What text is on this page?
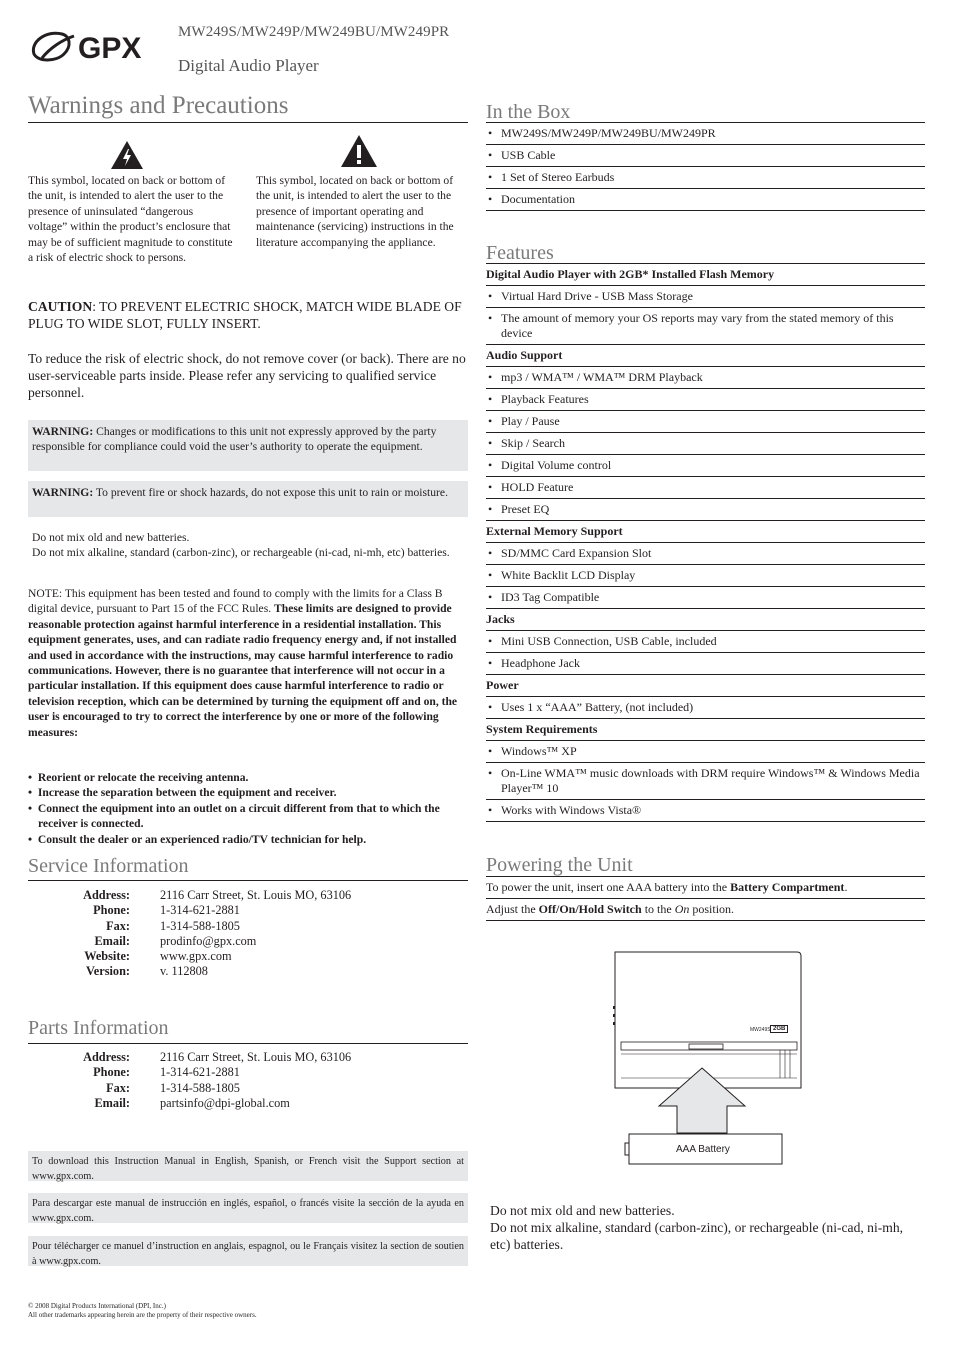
GPX MW249S/MW249P/MW249BU/MW249PR
Digital Audio Player
Warnings and Precautions
This symbol, located on back or bottom of the unit, is intended to alert the user to the presence of uninsulated “dangerous voltage” within the product’s enclosure that may be of sufficient magnitude to constitute a risk of electric shock to persons.
This symbol, located on back or bottom of the unit, is intended to alert the user to the presence of important operating and maintenance (servicing) instructions in the literature accompanying the appliance.
CAUTION: TO PREVENT ELECTRIC SHOCK, MATCH WIDE BLADE OF PLUG TO WIDE SLOT, FULLY INSERT.
To reduce the risk of electric shock, do not remove cover (or back). There are no user-serviceable parts inside. Please refer any servicing to qualified service personnel.
WARNING: Changes or modifications to this unit not expressly approved by the party responsible for compliance could void the user’s authority to operate the equipment.
WARNING: To prevent fire or shock hazards, do not expose this unit to rain or moisture.
Do not mix old and new batteries.
Do not mix alkaline, standard (carbon-zinc), or rechargeable (ni-cad, ni-mh, etc) batteries.
NOTE: This equipment has been tested and found to comply with the limits for a Class B digital device, pursuant to Part 15 of the FCC Rules. These limits are designed to provide reasonable protection against harmful interference in a residential installation. This equipment generates, uses, and can radiate radio frequency energy and, if not installed and used in accordance with the instructions, may cause harmful interference to radio communications. However, there is no guarantee that interference will not occur in a particular installation. If this equipment does cause harmful interference to radio or television reception, which can be determined by turning the equipment off and on, the user is encouraged to try to correct the interference by one or more of the following measures:
•  Reorient or relocate the receiving antenna.
•  Increase the separation between the equipment and receiver.
•  Connect the equipment into an outlet on a circuit different from that to which the receiver is connected.
•  Consult the dealer or an experienced radio/TV technician for help.
Service Information
Address: 2116 Carr Street, St. Louis MO, 63106
Phone: 1-314-621-2881
Fax: 1-314-588-1805
Email: prodinfo@gpx.com
Website: www.gpx.com
Version: v. 112808
Parts Information
Address: 2116 Carr Street, St. Louis MO, 63106
Phone: 1-314-621-2881
Fax: 1-314-588-1805
Email: partsinfo@dpi-global.com
To download this Instruction Manual in English, Spanish, or French visit the Support section at www.gpx.com.
Para descargar este manual de instrucción en inglés, español, o francés visite la sección de la ayuda en www.gpx.com.
Pour télécharger ce manuel d’instruction en anglais, espagnol, ou le Français visitez la section de soutien à www.gpx.com.
© 2008 Digital Products International (DPI, Inc.)
All other trademarks appearing herein are the property of their respective owners.
In the Box
• MW249S/MW249P/MW249BU/MW249PR
• USB Cable
• 1 Set of Stereo Earbuds
• Documentation
Features
Digital Audio Player with 2GB* Installed Flash Memory
• Virtual Hard Drive - USB Mass Storage
• The amount of memory your OS reports may vary from the stated memory of this device
Audio Support
• mp3 / WMA™ / WMA™ DRM Playback
• Playback Features
• Play / Pause
• Skip / Search
• Digital Volume control
• HOLD Feature
• Preset EQ
External Memory Support
• SD/MMC Card Expansion Slot
• White Backlit LCD Display
• ID3 Tag Compatible
Jacks
• Mini USB Connection, USB Cable, included
• Headphone Jack
Power
• Uses 1 x “AAA” Battery, (not included)
System Requirements
• Windows™ XP
• On-Line WMA™ music downloads with DRM require Windows™ & Windows Media Player™ 10
• Works with Windows Vista®
Powering the Unit
To power the unit, insert one AAA battery into the Battery Compartment.
Adjust the Off/On/Hold Switch to the On position.
MW249S 2GB
AAA Battery
Do not mix old and new batteries.
Do not mix alkaline, standard (carbon-zinc), or rechargeable (ni-cad, ni-mh, etc) batteries.
